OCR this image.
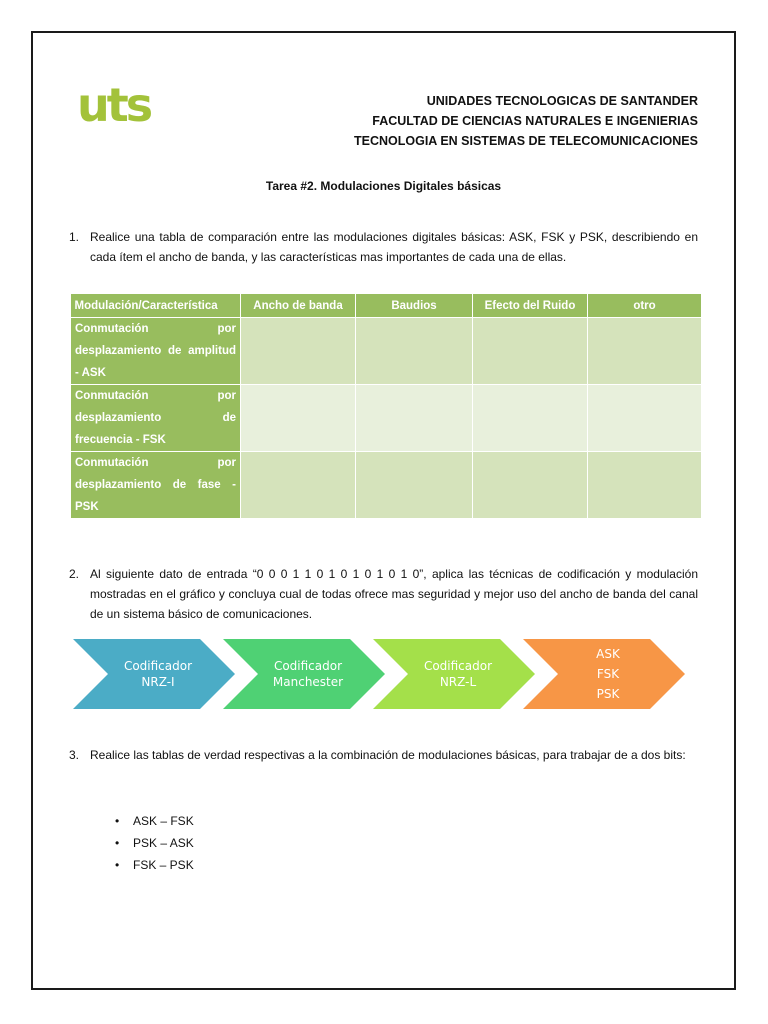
uts	UNIDADES TECNOLOGICAS DE SANTANDER
FACULTAD DE CIENCIAS NATURALES E INGENIERIAS
TECNOLOGIA EN SISTEMAS DE TELECOMUNICACIONES
Tarea #2. Modulaciones Digitales básicas
1. Realice una tabla de comparación entre las modulaciones digitales básicas: ASK, FSK y PSK, describiendo en cada ítem el ancho de banda, y las características mas importantes de cada una de ellas.
Modulación/Característica	Ancho de banda	Baudios	Efecto del Ruido	otro
Conmutación por desplazamiento de amplitud - ASK				
Conmutación por desplazamiento de frecuencia - FSK				
Conmutación por desplazamiento de fase - PSK				
2. Al siguiente dato de entrada “0 0 0 1 1 0 1 0 1 0 1 0 1 0”, aplica las técnicas de codificación y modulación mostradas en el gráfico y concluya cual de todas ofrece mas seguridad y mejor uso del ancho de banda del canal de un sistema básico de comunicaciones.
Codificador
NRZ-I
Codificador
Manchester
Codificador
NRZ-L
ASK
FSK
PSK
3. Realice las tablas de verdad respectivas a la combinación de modulaciones básicas, para trabajar de a dos bits:
• ASK – FSK
• PSK – ASK
• FSK – PSK
